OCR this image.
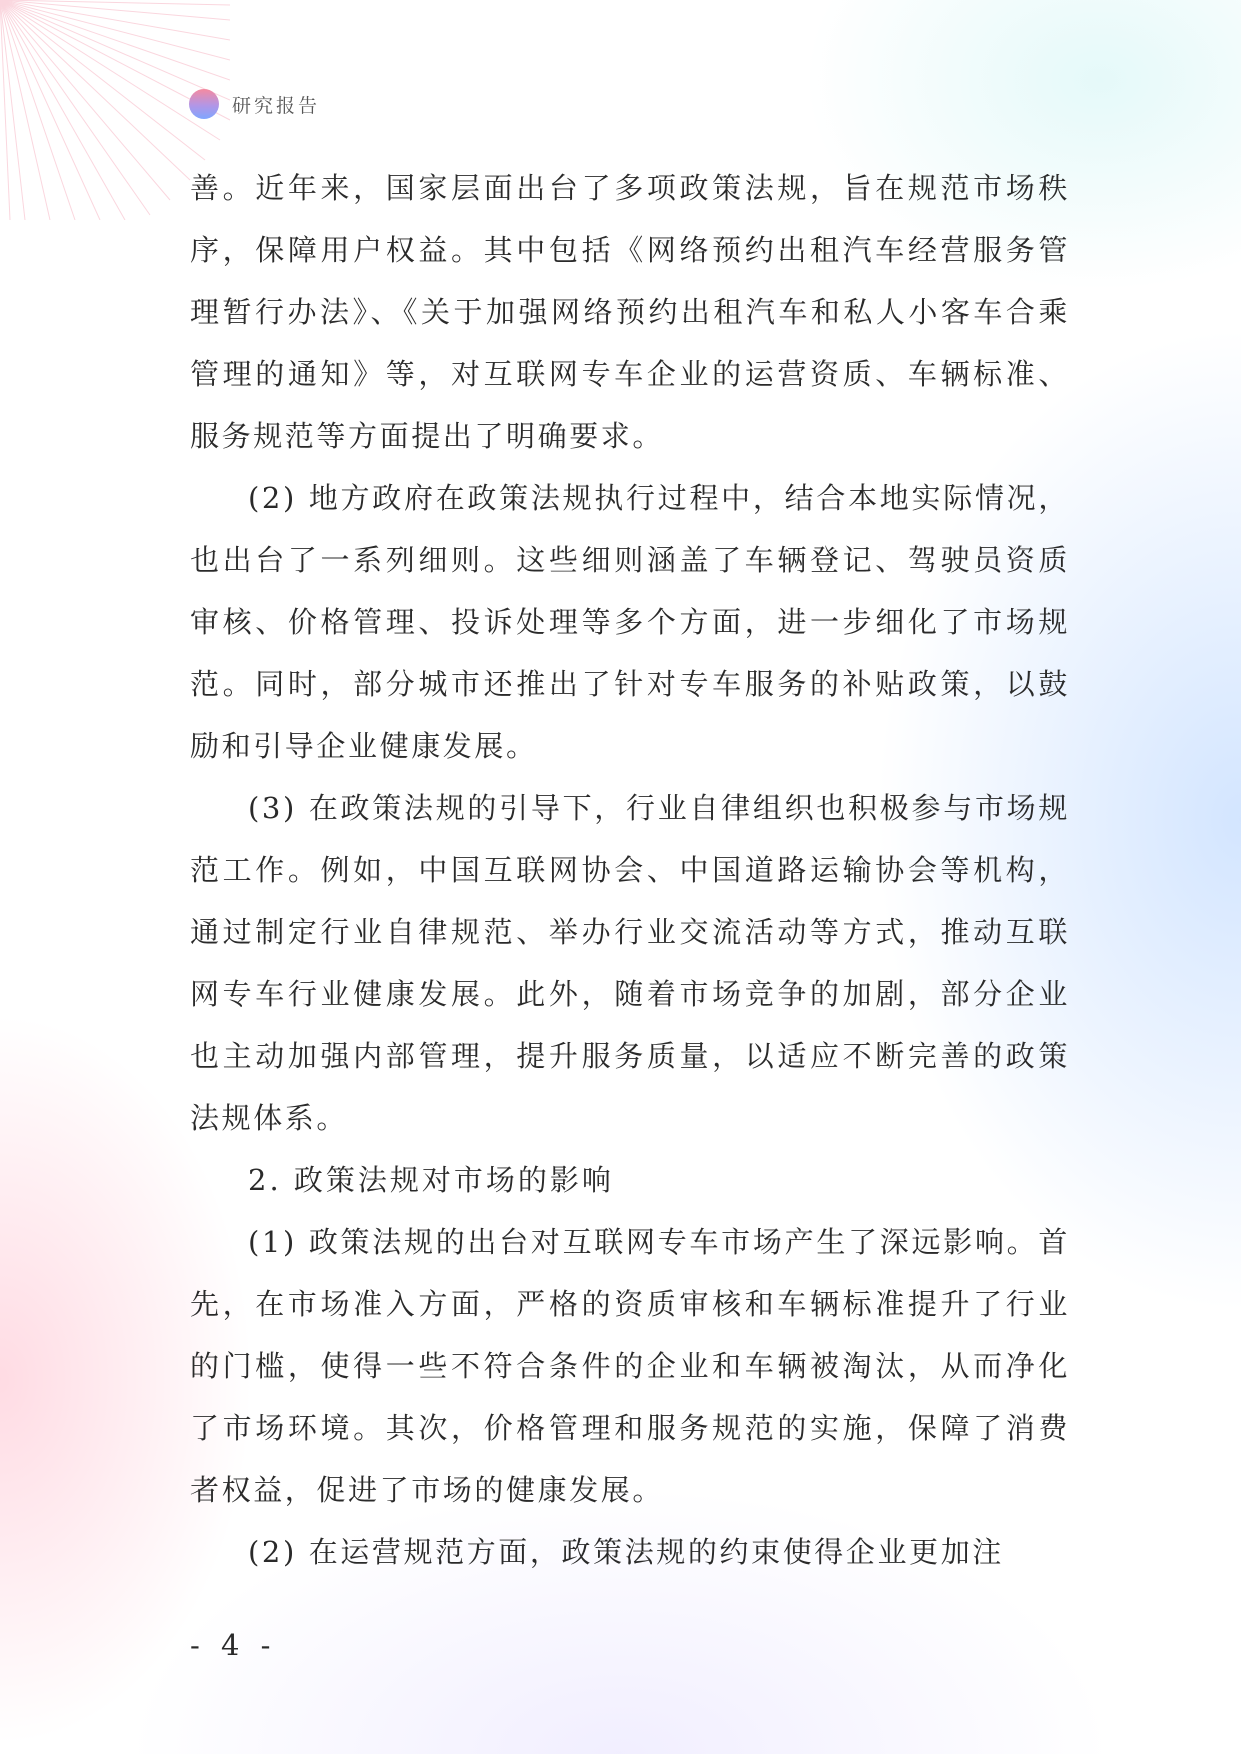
研究报告

善。近年来，国家层面出台了多项政策法规，旨在规范市场秩序，保障用户权益。其中包括《网络预约出租汽车经营服务管理暂行办法》、《关于加强网络预约出租汽车和私人小客车合乘管理的通知》等，对互联网专车企业的运营资质、车辆标准、服务规范等方面提出了明确要求。

(2) 地方政府在政策法规执行过程中，结合本地实际情况，也出台了一系列细则。这些细则涵盖了车辆登记、驾驶员资质审核、价格管理、投诉处理等多个方面，进一步细化了市场规范。同时，部分城市还推出了针对专车服务的补贴政策，以鼓励和引导企业健康发展。

(3) 在政策法规的引导下，行业自律组织也积极参与市场规范工作。例如，中国互联网协会、中国道路运输协会等机构，通过制定行业自律规范、举办行业交流活动等方式，推动互联网专车行业健康发展。此外，随着市场竞争的加剧，部分企业也主动加强内部管理，提升服务质量，以适应不断完善的政策法规体系。

2. 政策法规对市场的影响

(1) 政策法规的出台对互联网专车市场产生了深远影响。首先，在市场准入方面，严格的资质审核和车辆标准提升了行业的门槛，使得一些不符合条件的企业和车辆被淘汰，从而净化了市场环境。其次，价格管理和服务规范的实施，保障了消费者权益，促进了市场的健康发展。

(2) 在运营规范方面，政策法规的约束使得企业更加注

- 4 -
